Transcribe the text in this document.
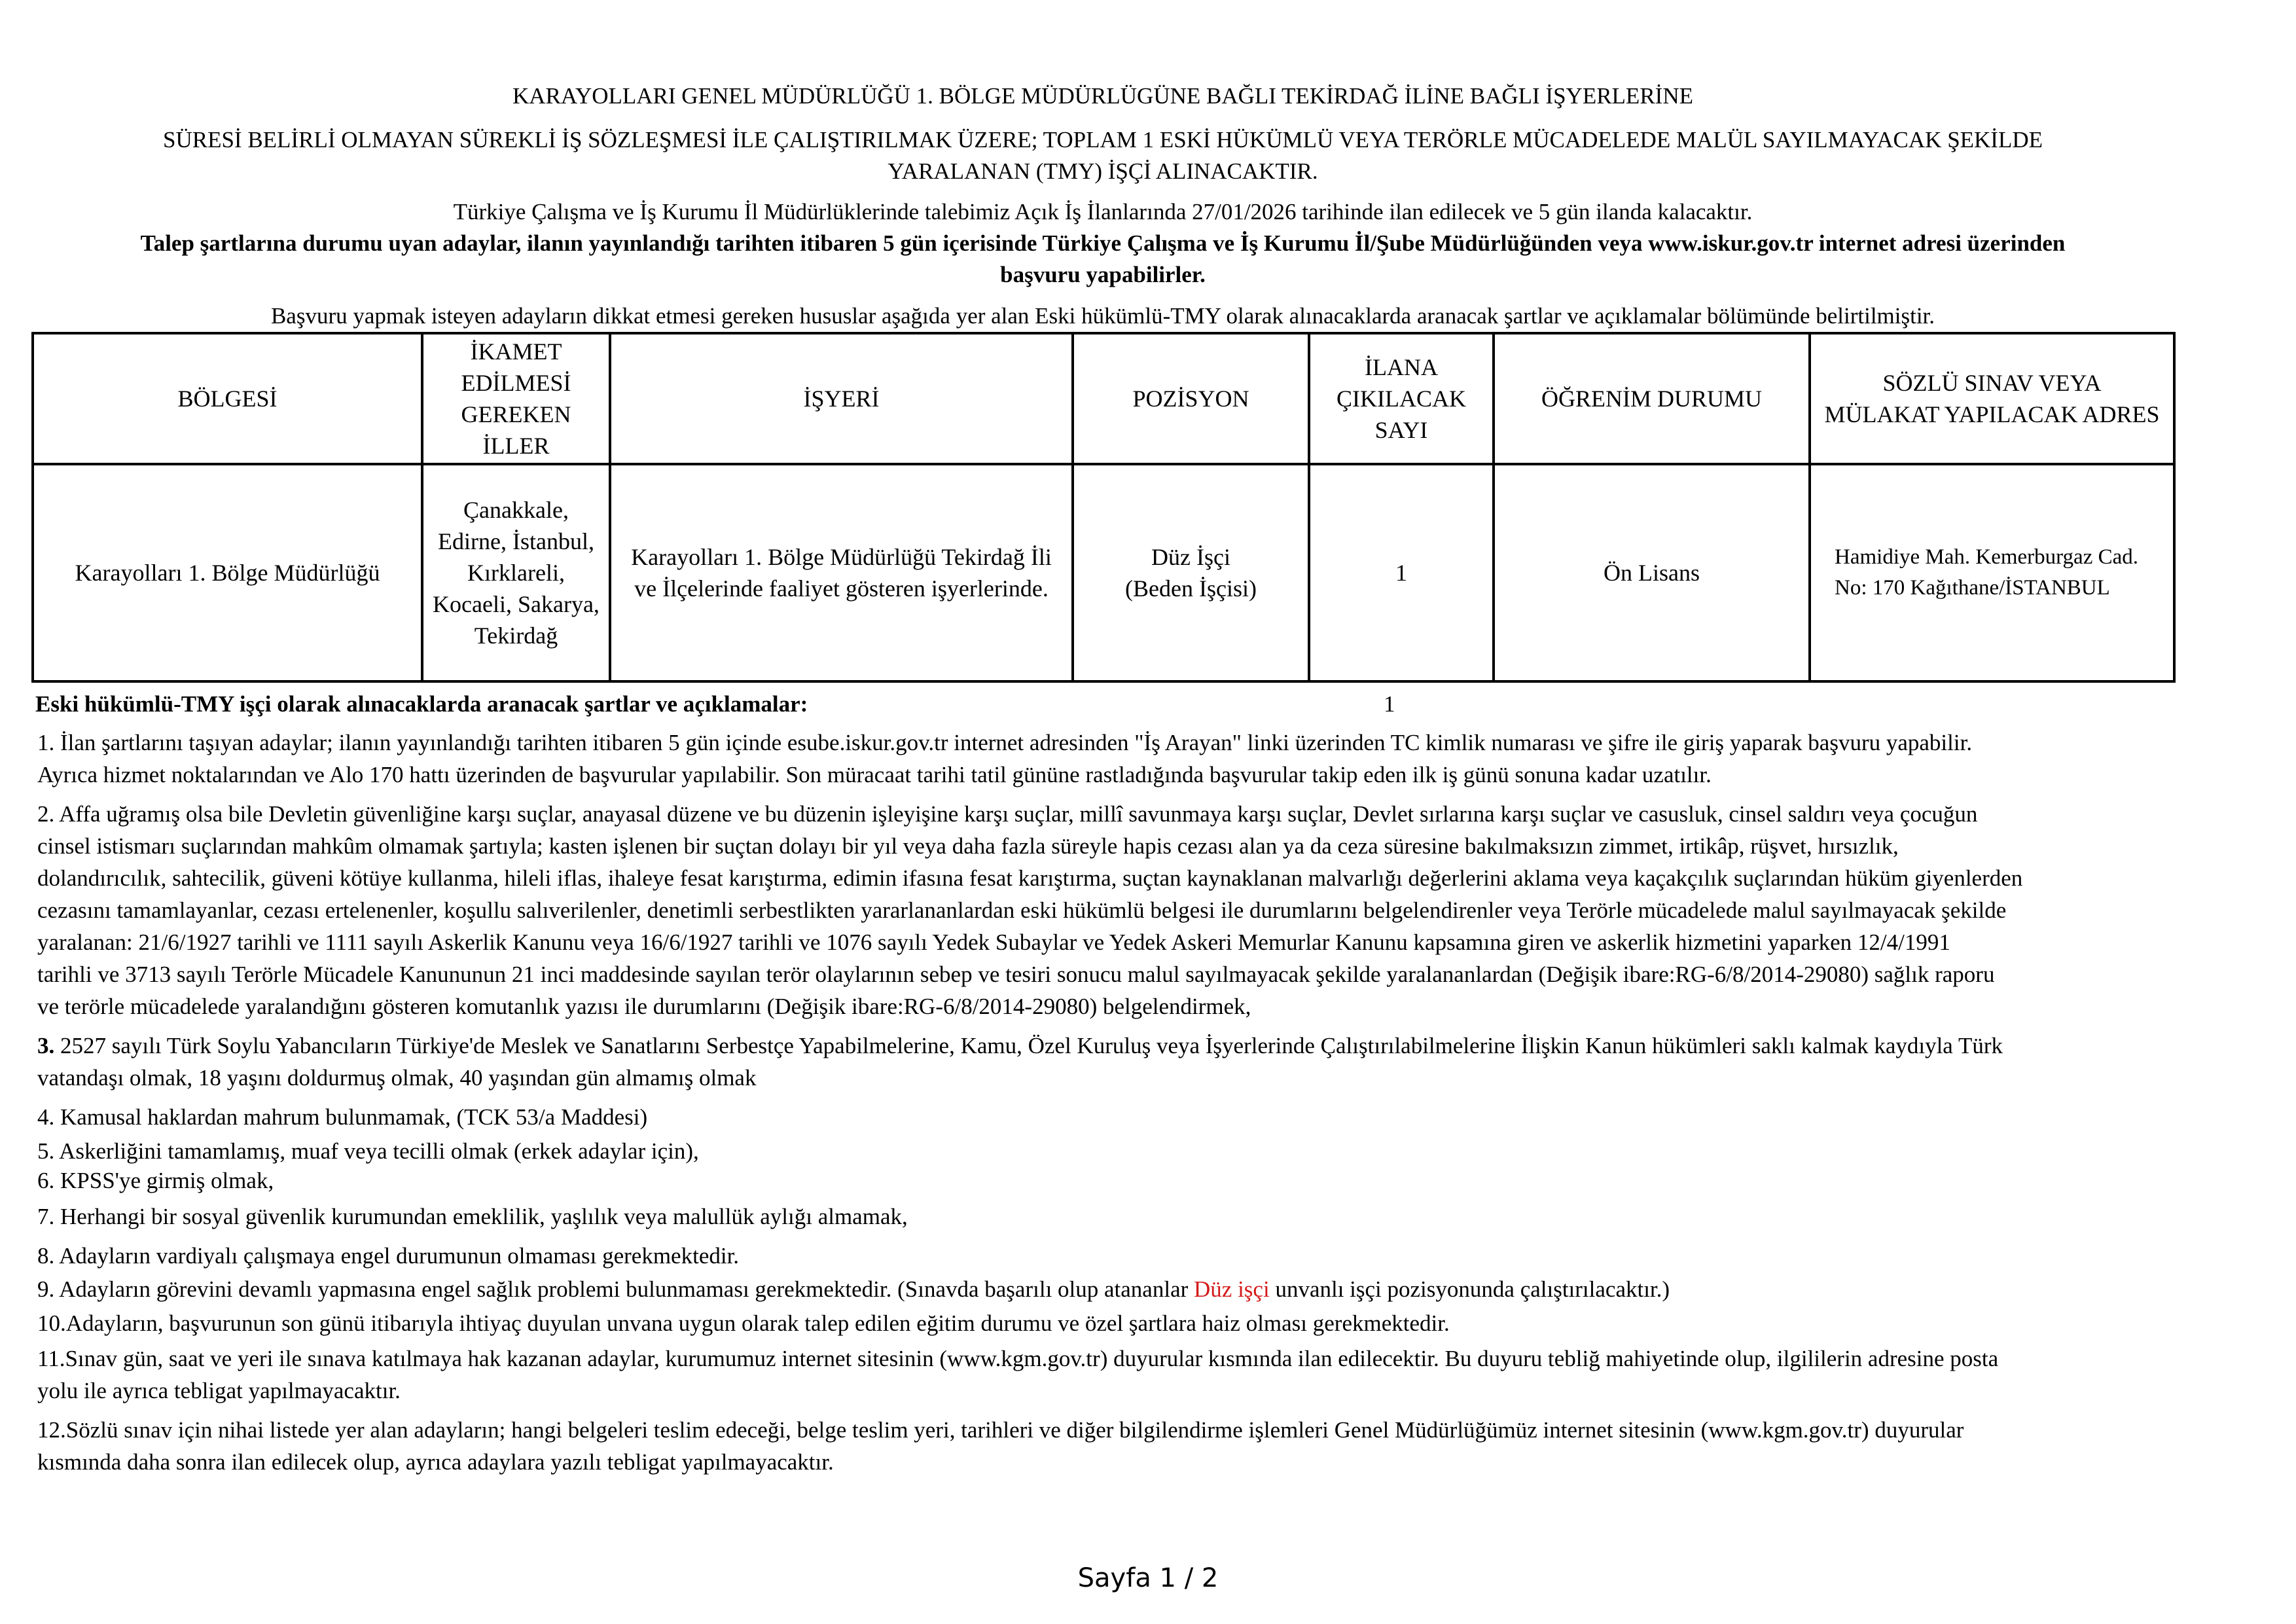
KARAYOLLARI GENEL MÜDÜRLÜĞÜ 1. BÖLGE MÜDÜRLÜGÜNE BAĞLI TEKİRDAĞ İLİNE BAĞLI İŞYERLERİNE

SÜRESİ BELİRLİ OLMAYAN SÜREKLİ İŞ SÖZLEŞMESİ İLE ÇALIŞTIRILMAK ÜZERE; TOPLAM 1 ESKİ HÜKÜMLÜ VEYA TERÖRLE MÜCADELEDE MALÜL SAYILMAYACAK ŞEKİLDE

YARALANAN (TMY) İŞÇİ ALINACAKTIR.

Türkiye Çalışma ve İş Kurumu İl Müdürlüklerinde talebimiz Açık İş İlanlarında 27/01/2026 tarihinde ilan edilecek ve 5 gün ilanda kalacaktır.

Talep şartlarına durumu uyan adaylar, ilanın yayınlandığı tarihten itibaren 5 gün içerisinde Türkiye Çalışma ve İş Kurumu İl/Şube Müdürlüğünden veya www.iskur.gov.tr internet adresi üzerinden

başvuru yapabilirler.

Başvuru yapmak isteyen adayların dikkat etmesi gereken hususlar aşağıda yer alan Eski hükümlü-TMY olarak alınacaklarda aranacak şartlar ve açıklamalar bölümünde belirtilmiştir.

BÖLGESİ	İKAMET
EDİLMESİ
GEREKEN
İLLER	İŞYERİ	POZİSYON	İLANA
ÇIKILACAK
SAYI	ÖĞRENİM DURUMU	SÖZLÜ SINAV VEYA
MÜLAKAT YAPILACAK ADRES
Karayolları 1. Bölge Müdürlüğü	Çanakkale,
Edirne, İstanbul,
Kırklareli,
Kocaeli, Sakarya,
Tekirdağ	Karayolları 1. Bölge Müdürlüğü Tekirdağ İli
ve İlçelerinde faaliyet gösteren işyerlerinde.	Düz İşçi
(Beden İşçisi)	1	Ön Lisans	Hamidiye Mah. Kemerburgaz Cad.
No: 170 Kağıthane/İSTANBUL
Eski hükümlü-TMY işçi olarak alınacaklarda aranacak şartlar ve açıklamalar:	1
1. İlan şartlarını taşıyan adaylar; ilanın yayınlandığı tarihten itibaren 5 gün içinde esube.iskur.gov.tr internet adresinden "İş Arayan" linki üzerinden TC kimlik numarası ve şifre ile giriş yaparak başvuru yapabilir.
Ayrıca hizmet noktalarından ve Alo 170 hattı üzerinden de başvurular yapılabilir. Son müracaat tarihi tatil gününe rastladığında başvurular takip eden ilk iş günü sonuna kadar uzatılır.
2. Affa uğramış olsa bile Devletin güvenliğine karşı suçlar, anayasal düzene ve bu düzenin işleyişine karşı suçlar, millî savunmaya karşı suçlar, Devlet sırlarına karşı suçlar ve casusluk, cinsel saldırı veya çocuğun
cinsel istismarı suçlarından mahkûm olmamak şartıyla; kasten işlenen bir suçtan dolayı bir yıl veya daha fazla süreyle hapis cezası alan ya da ceza süresine bakılmaksızın zimmet, irtikâp, rüşvet, hırsızlık,
dolandırıcılık, sahtecilik, güveni kötüye kullanma, hileli iflas, ihaleye fesat karıştırma, edimin ifasına fesat karıştırma, suçtan kaynaklanan malvarlığı değerlerini aklama veya kaçakçılık suçlarından hüküm giyenlerden
cezasını tamamlayanlar, cezası ertelenenler, koşullu salıverilenler, denetimli serbestlikten yararlananlardan eski hükümlü belgesi ile durumlarını belgelendirenler veya Terörle mücadelede malul sayılmayacak şekilde
yaralanan: 21/6/1927 tarihli ve 1111 sayılı Askerlik Kanunu veya 16/6/1927 tarihli ve 1076 sayılı Yedek Subaylar ve Yedek Askeri Memurlar Kanunu kapsamına giren ve askerlik hizmetini yaparken 12/4/1991
tarihli ve 3713 sayılı Terörle Mücadele Kanununun 21 inci maddesinde sayılan terör olaylarının sebep ve tesiri sonucu malul sayılmayacak şekilde yaralananlardan (Değişik ibare:RG-6/8/2014-29080) sağlık raporu
ve terörle mücadelede yaralandığını gösteren komutanlık yazısı ile durumlarını (Değişik ibare:RG-6/8/2014-29080) belgelendirmek,
3. 2527 sayılı Türk Soylu Yabancıların Türkiye'de Meslek ve Sanatlarını Serbestçe Yapabilmelerine, Kamu, Özel Kuruluş veya İşyerlerinde Çalıştırılabilmelerine İlişkin Kanun hükümleri saklı kalmak kaydıyla Türk
vatandaşı olmak, 18 yaşını doldurmuş olmak, 40 yaşından gün almamış olmak
4. Kamusal haklardan mahrum bulunmamak, (TCK 53/a Maddesi)
5. Askerliğini tamamlamış, muaf veya tecilli olmak (erkek adaylar için),
6. KPSS'ye girmiş olmak,
7. Herhangi bir sosyal güvenlik kurumundan emeklilik, yaşlılık veya malullük aylığı almamak,
8. Adayların vardiyalı çalışmaya engel durumunun olmaması gerekmektedir.
9. Adayların görevini devamlı yapmasına engel sağlık problemi bulunmaması gerekmektedir. (Sınavda başarılı olup atananlar Düz işçi unvanlı işçi pozisyonunda çalıştırılacaktır.)
10.Adayların, başvurunun son günü itibarıyla ihtiyaç duyulan unvana uygun olarak talep edilen eğitim durumu ve özel şartlara haiz olması gerekmektedir.
11.Sınav gün, saat ve yeri ile sınava katılmaya hak kazanan adaylar, kurumumuz internet sitesinin (www.kgm.gov.tr) duyurular kısmında ilan edilecektir. Bu duyuru tebliğ mahiyetinde olup, ilgililerin adresine posta
yolu ile ayrıca tebligat yapılmayacaktır.
12.Sözlü sınav için nihai listede yer alan adayların; hangi belgeleri teslim edeceği, belge teslim yeri, tarihleri ve diğer bilgilendirme işlemleri Genel Müdürlüğümüz internet sitesinin (www.kgm.gov.tr) duyurular
kısmında daha sonra ilan edilecek olup, ayrıca adaylara yazılı tebligat yapılmayacaktır.
Sayfa 1 / 2
